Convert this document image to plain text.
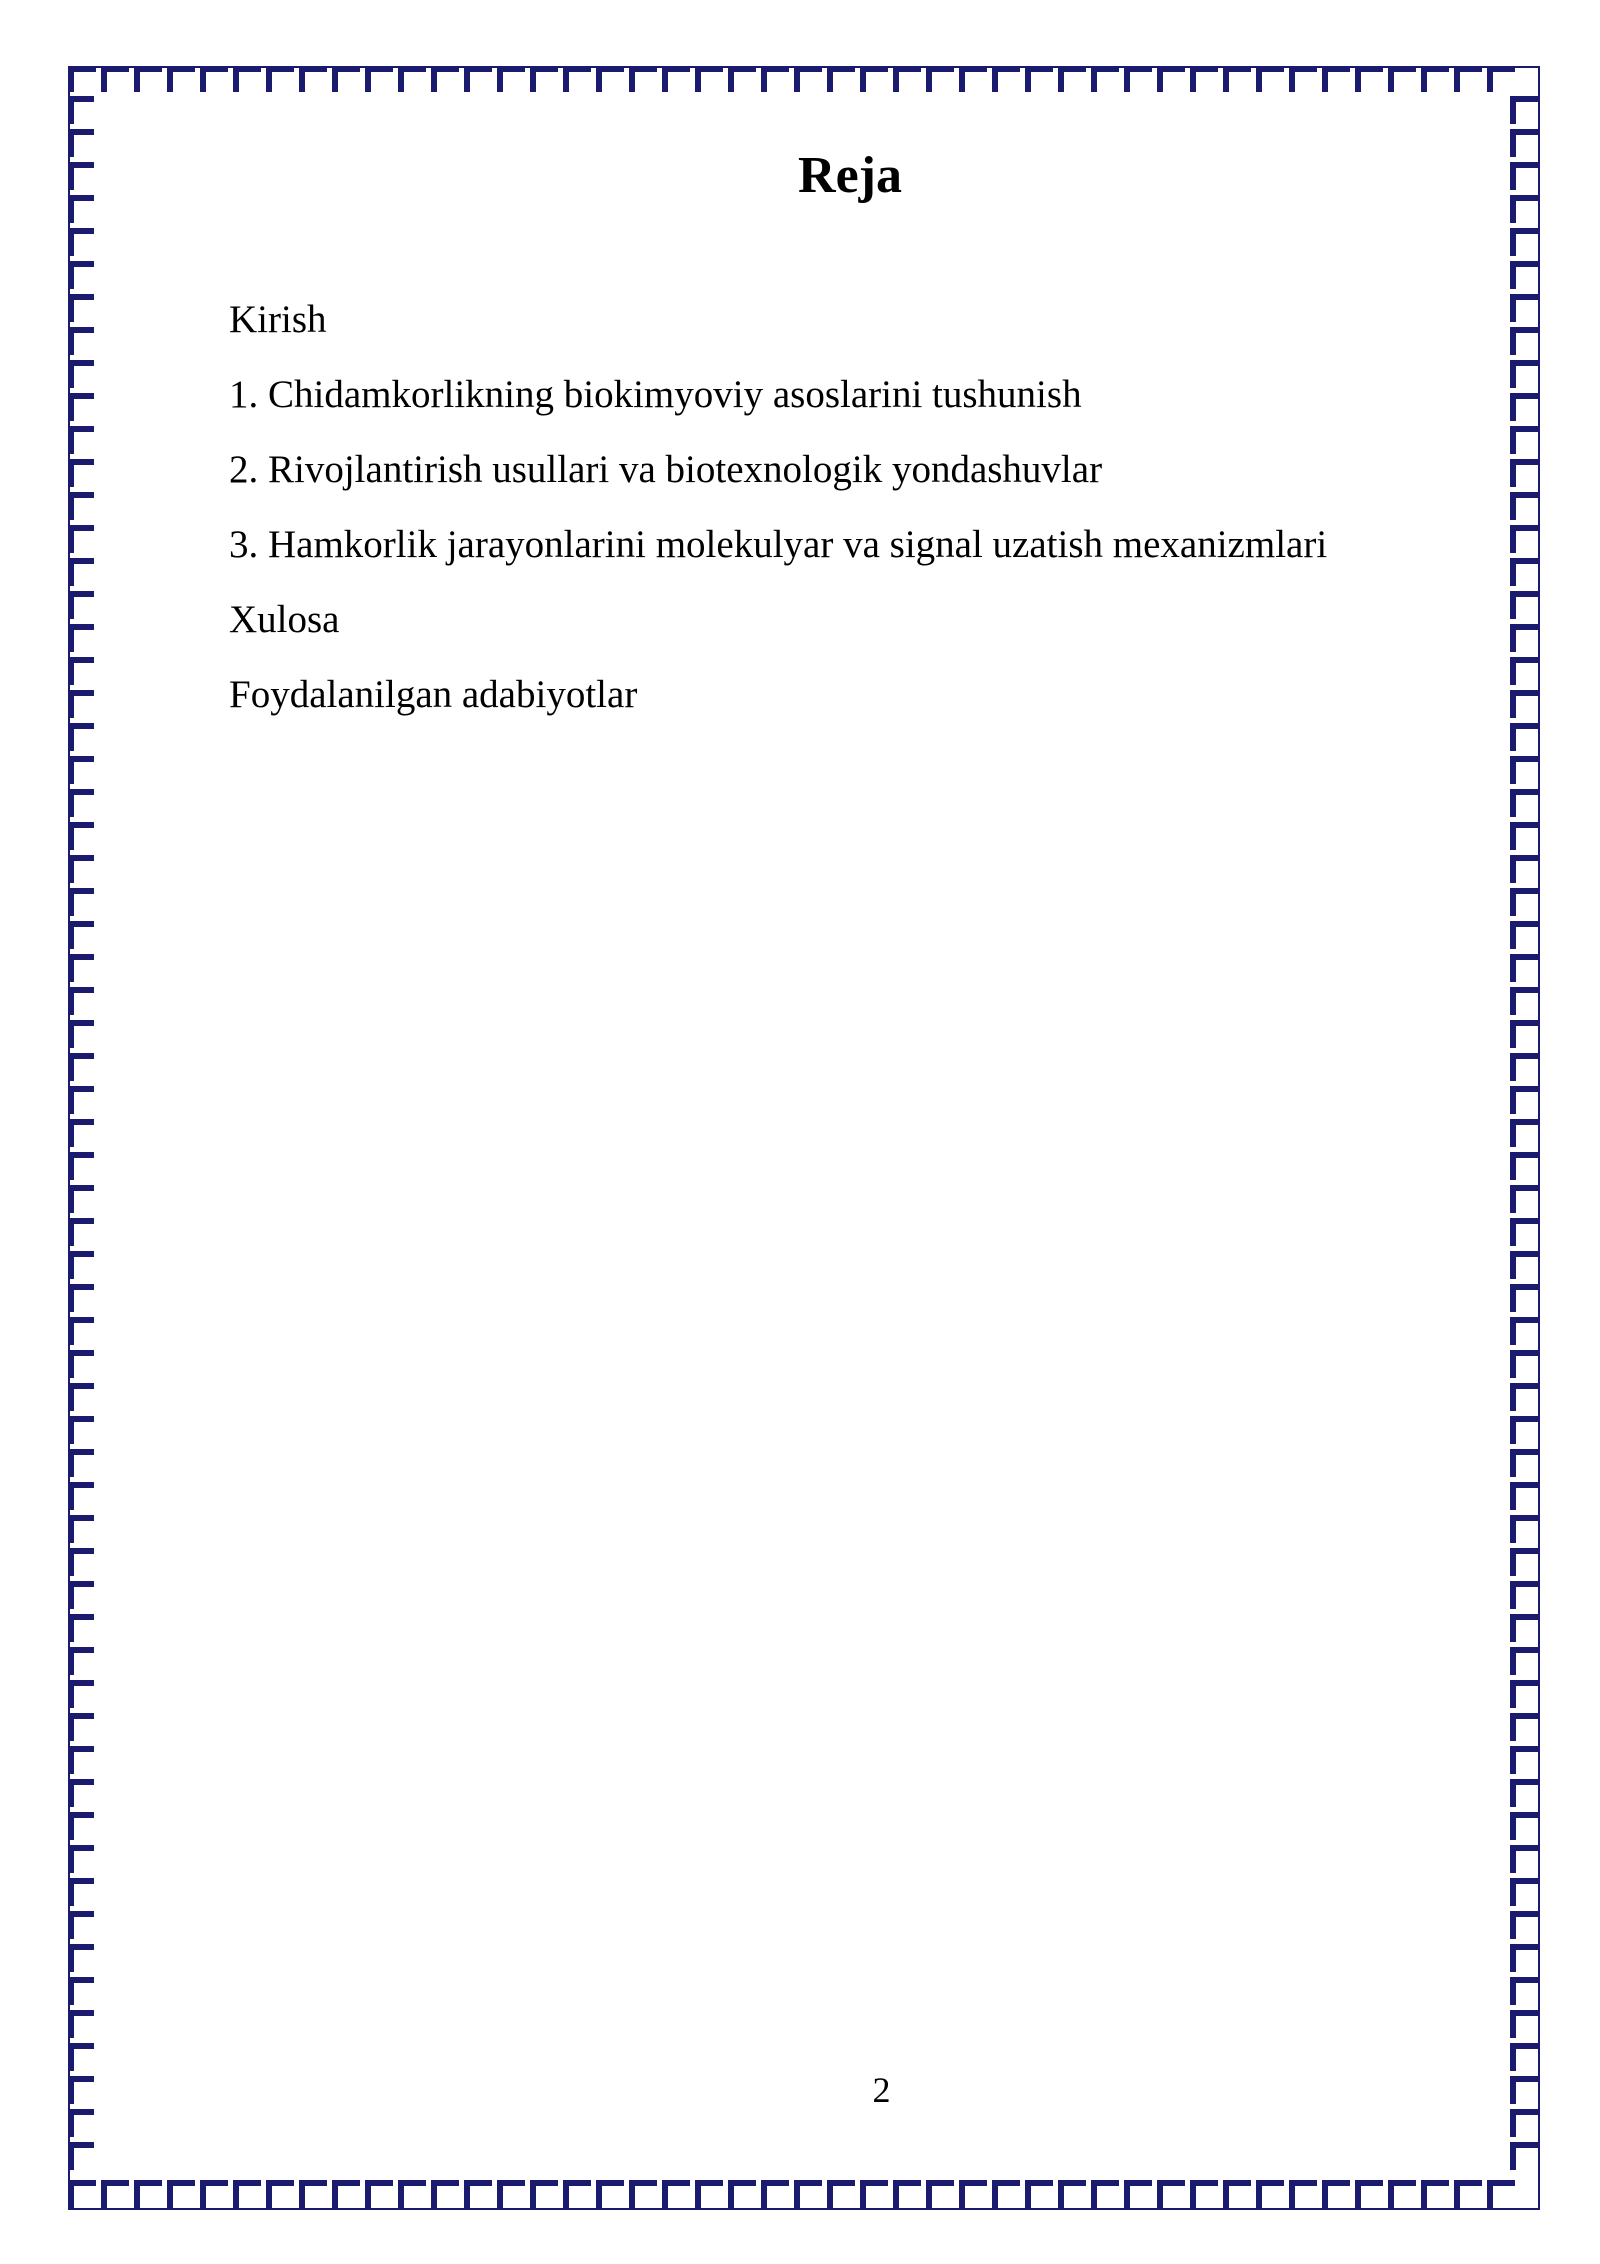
Reja
Kirish
1. Chidamkorlikning biokimyoviy asoslarini tushunish
2. Rivojlantirish usullari va biotexnologik yondashuvlar
3. Hamkorlik jarayonlarini molekulyar va signal uzatish mexanizmlari
Xulosa
Foydalanilgan adabiyotlar
2
